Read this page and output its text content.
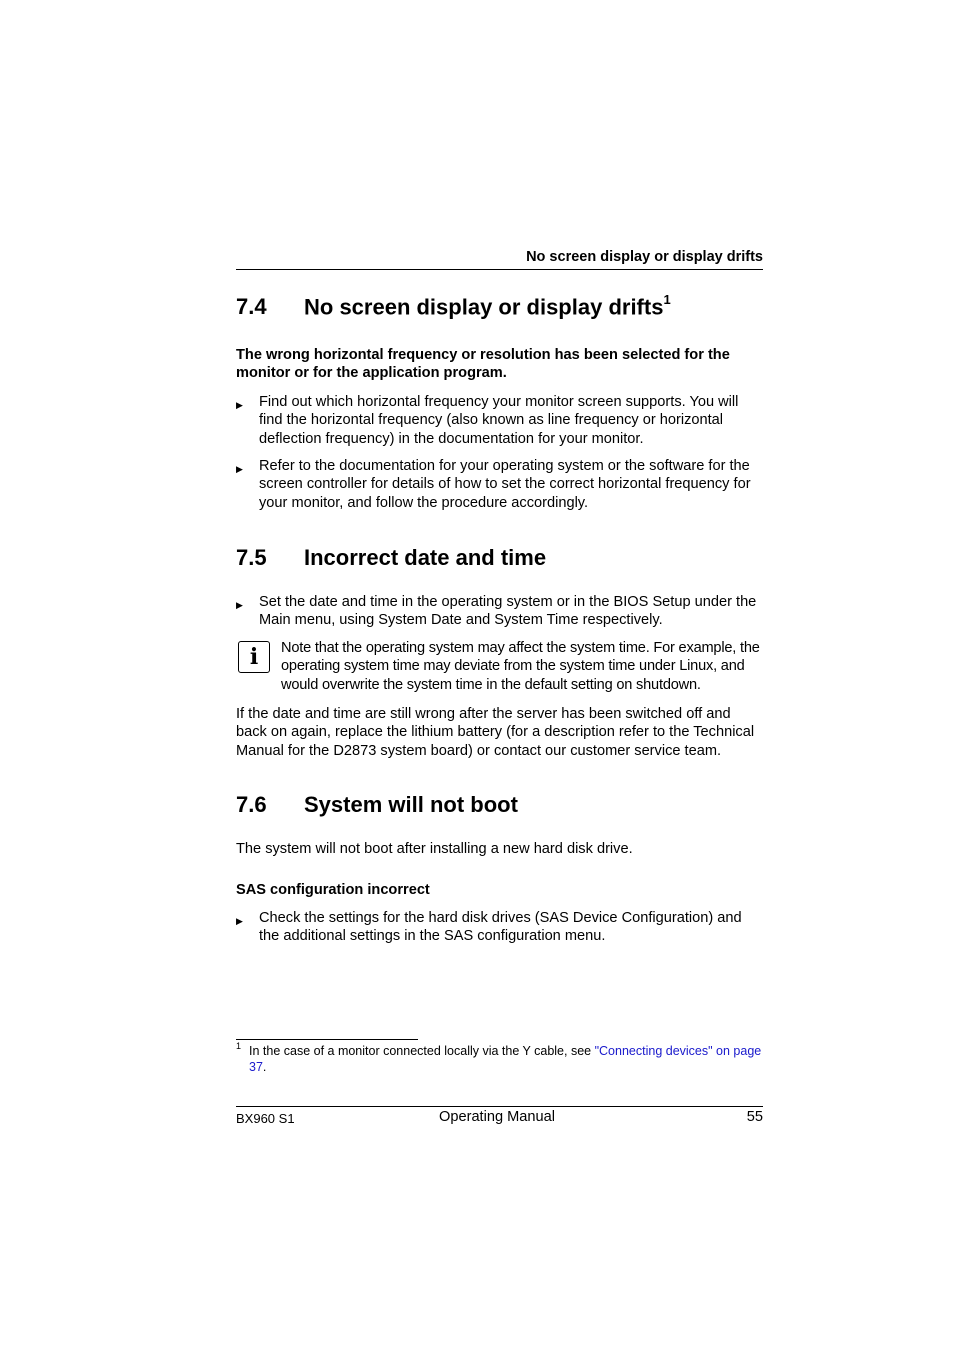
No screen display or display drifts
7.4 No screen display or display drifts$^1$
The wrong horizontal frequency or resolution has been selected for the monitor or for the application program.
▶ Find out which horizontal frequency your monitor screen supports. You will find the horizontal frequency (also known as line frequency or horizontal deflection frequency) in the documentation for your monitor.
▶ Refer to the documentation for your operating system or the software for the screen controller for details of how to set the correct horizontal frequency for your monitor, and follow the procedure accordingly.
7.5 Incorrect date and time
▶ Set the date and time in the operating system or in the BIOS Setup under the Main menu, using System Date and System Time respectively.
i	Note that the operating system may affect the system time. For example, the operating system time may deviate from the system time under Linux, and would overwrite the system time in the default setting on shutdown.
If the date and time are still wrong after the server has been switched off and back on again, replace the lithium battery (for a description refer to the Technical Manual for the D2873 system board) or contact our customer service team.
7.6 System will not boot
The system will not boot after installing a new hard disk drive.
SAS configuration incorrect
▶ Check the settings for the hard disk drives (SAS Device Configuration) and the additional settings in the SAS configuration menu.
1 In the case of a monitor connected locally via the Y cable, see "Connecting devices" on page 37.
BX960 S1	Operating Manual	55
